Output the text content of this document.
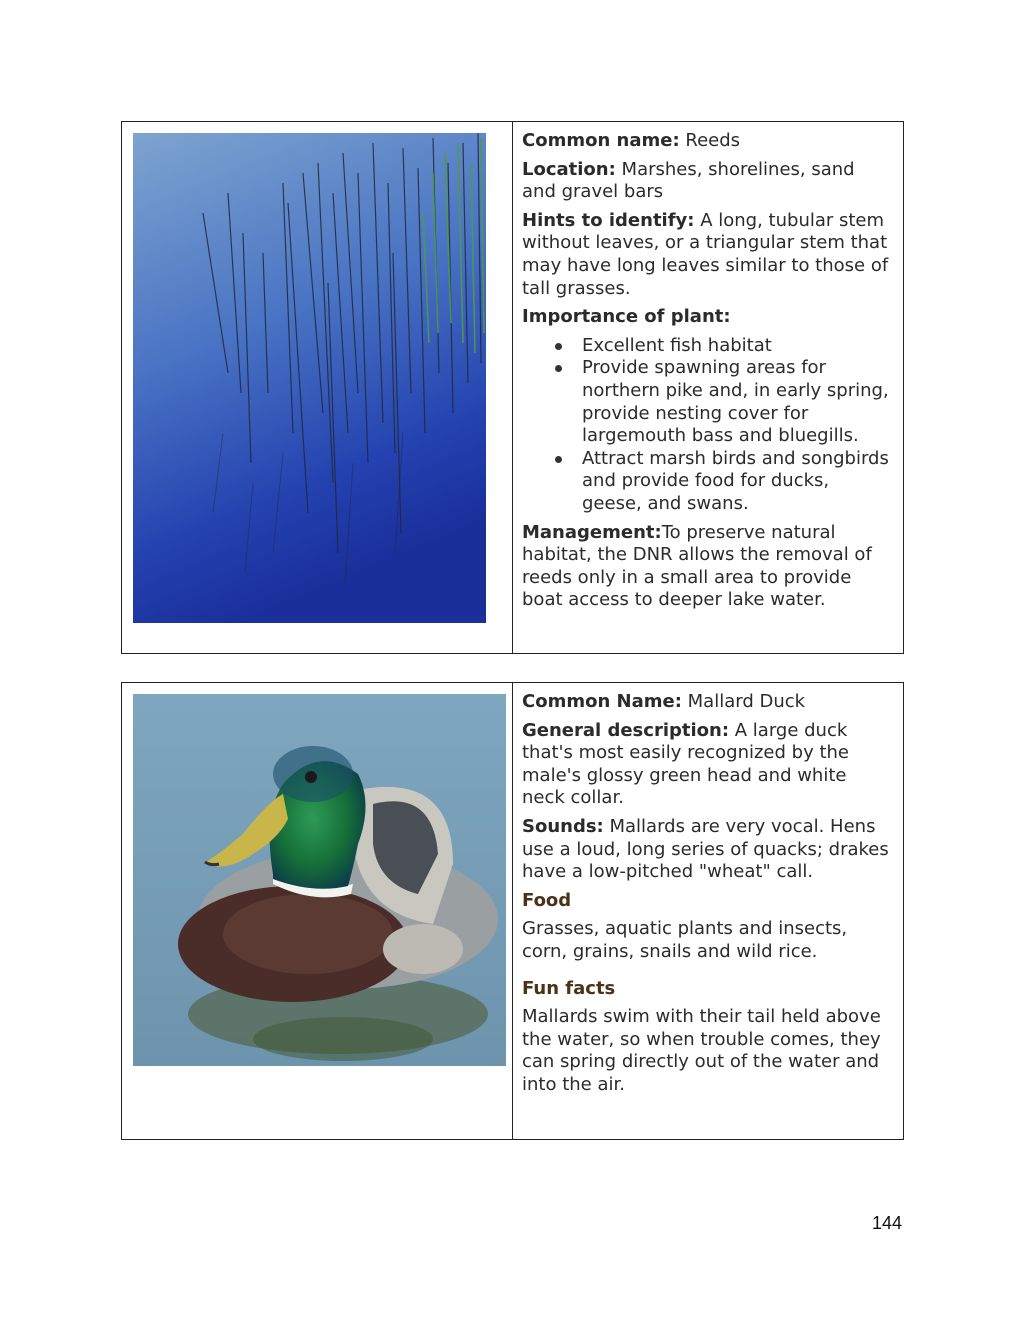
Common name: Reeds

Location: Marshes, shorelines, sand and gravel bars

Hints to identify: A long, tubular stem without leaves, or a triangular stem that may have long leaves similar to those of tall grasses.

Importance of plant:

Excellent fish habitat
Provide spawning areas for northern pike and, in early spring, provide nesting cover for largemouth bass and bluegills.
Attract marsh birds and songbirds and provide food for ducks, geese, and swans.

Management:To preserve natural habitat, the DNR allows the removal of reeds only in a small area to provide boat access to deeper lake water.

Common Name: Mallard Duck

General description: A large duck that's most easily recognized by the male's glossy green head and white neck collar.

Sounds: Mallards are very vocal. Hens use a loud, long series of quacks; drakes have a low-pitched "wheat" call.

Food

Grasses, aquatic plants and insects, corn, grains, snails and wild rice.

Fun facts

Mallards swim with their tail held above the water, so when trouble comes, they can spring directly out of the water and into the air.

144
